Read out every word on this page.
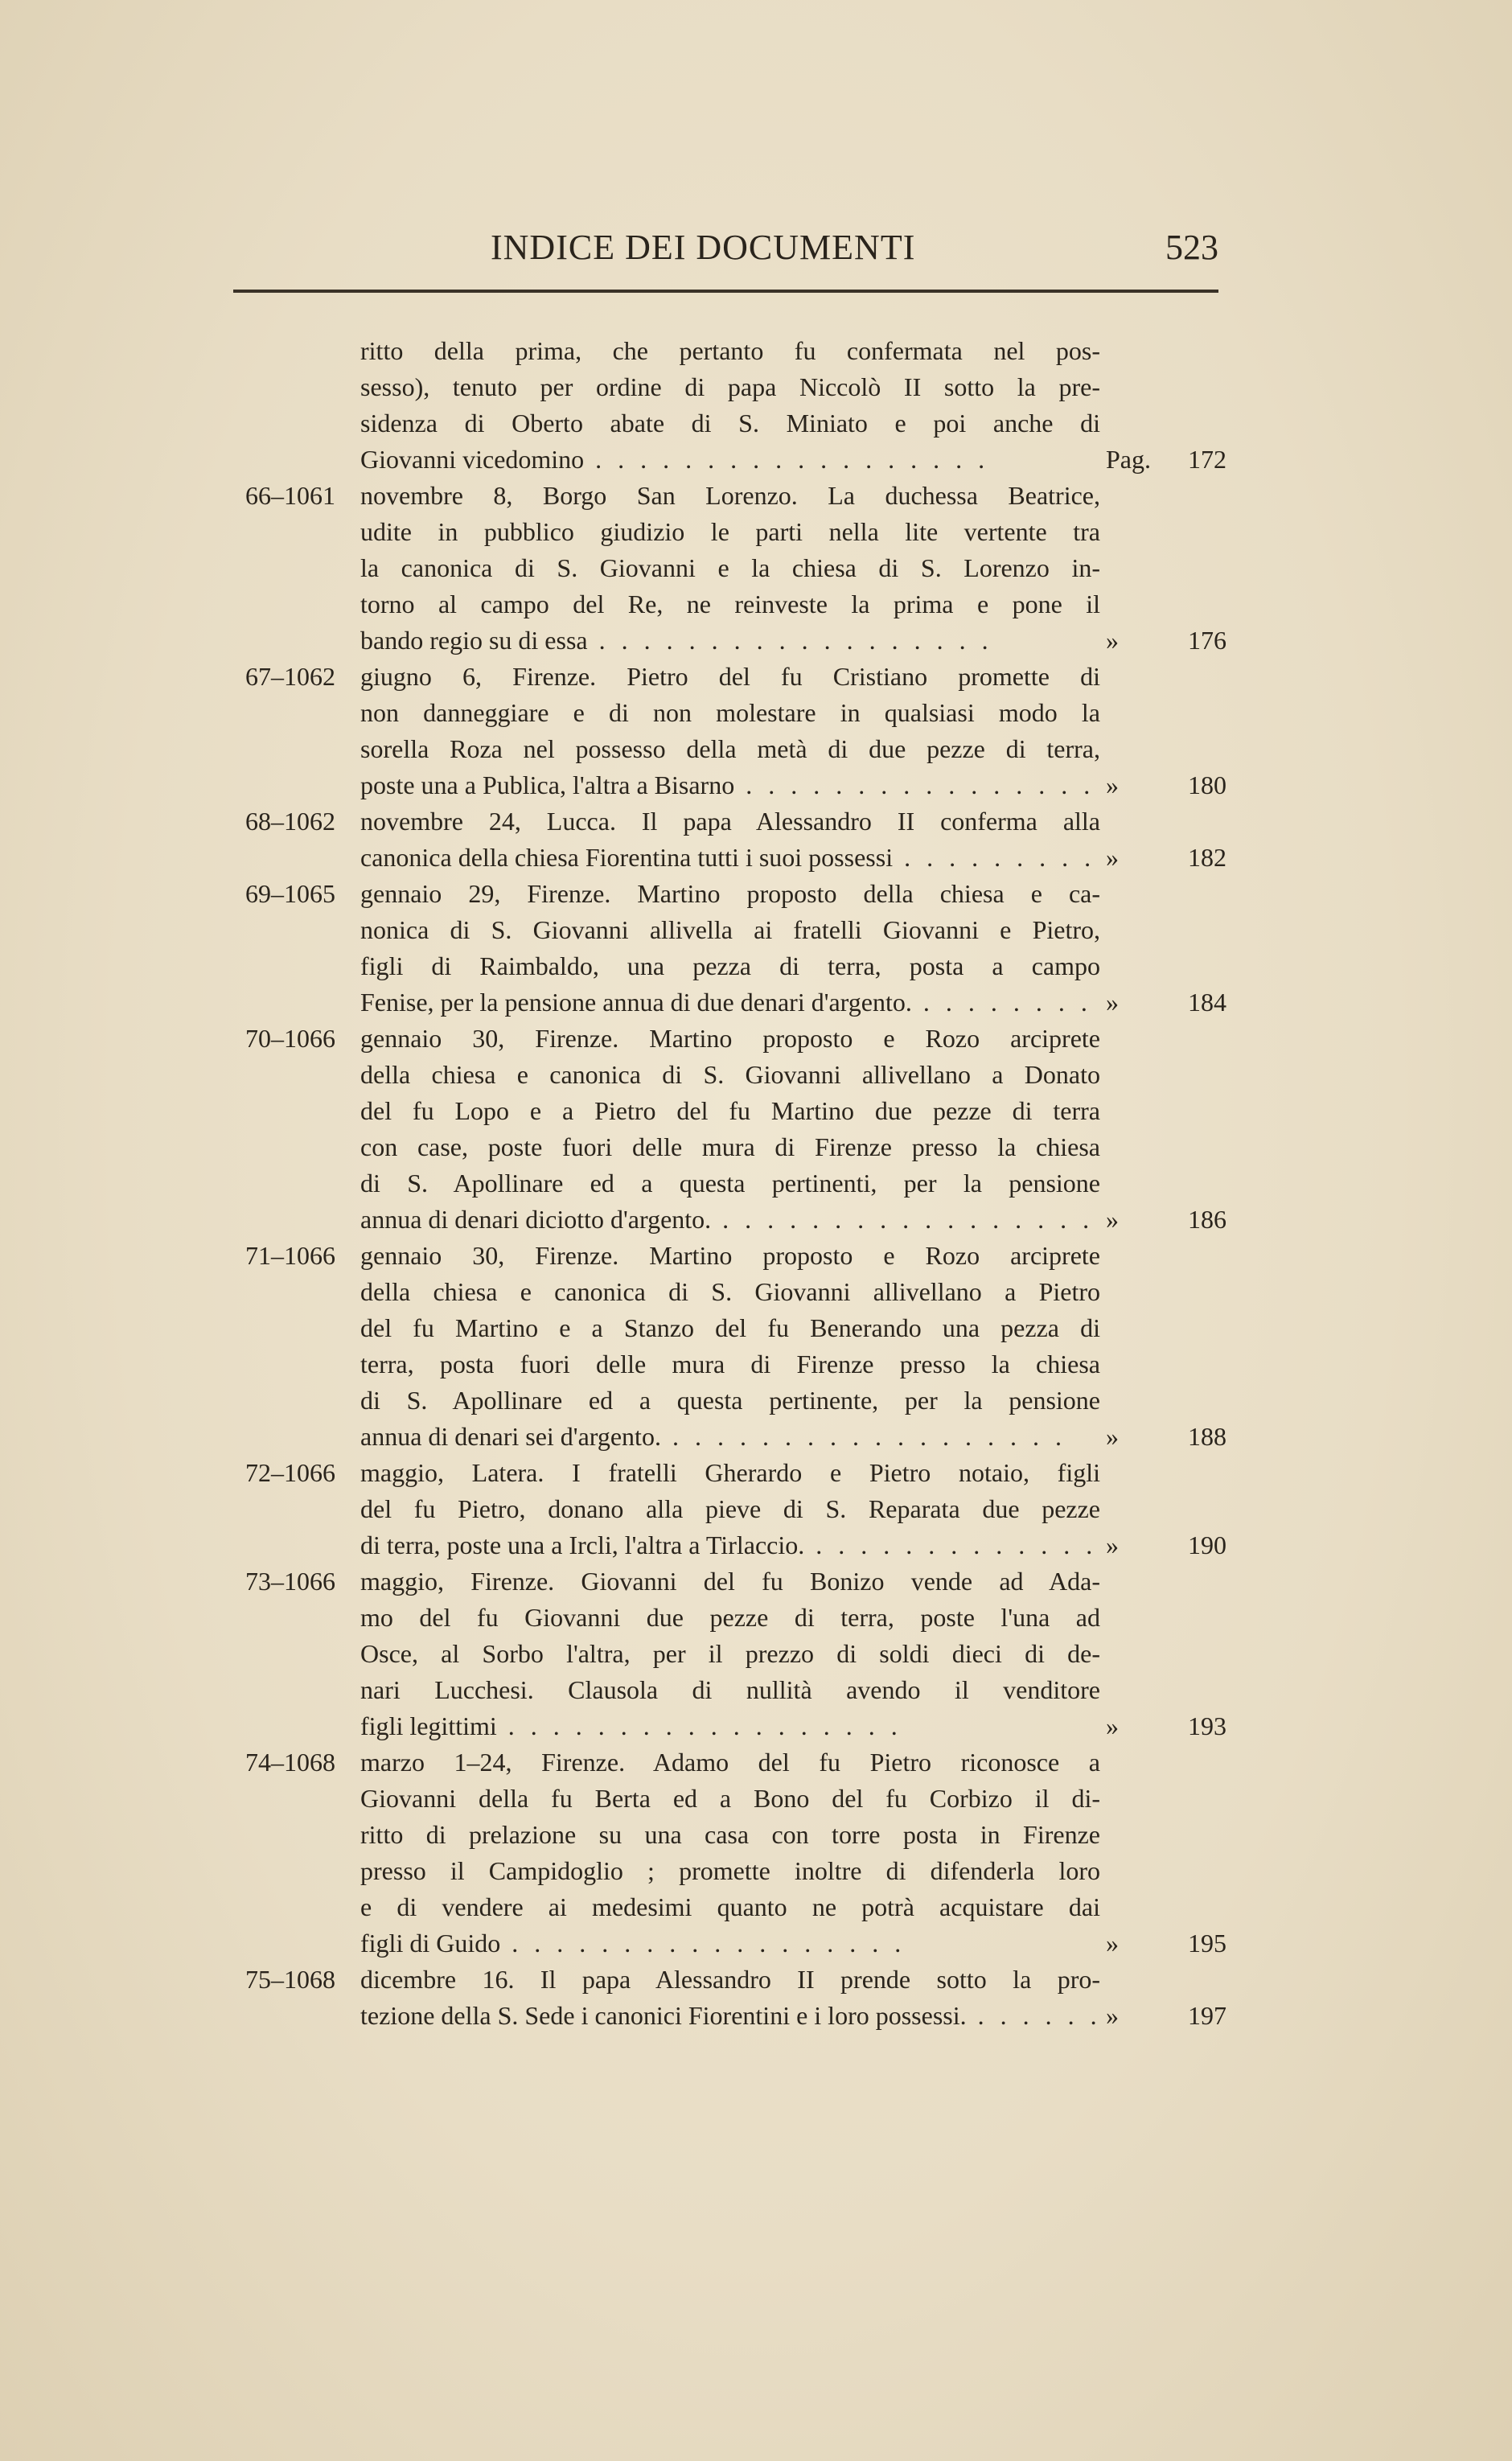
INDICE DEI DOCUMENTI	523
ritto della prima, che pertanto fu confermata nel pos-
sesso), tenuto per ordine di papa Niccolò II sotto la pre-
sidenza di Oberto abate di S. Miniato e poi anche di
Giovanni vicedomino . .	Pag. 172
66–1061 novembre 8, Borgo San Lorenzo. La duchessa Beatrice,
udite in pubblico giudizio le parti nella lite vertente tra
la canonica di S. Giovanni e la chiesa di S. Lorenzo in-
torno al campo del Re, ne reinveste la prima e pone il
bando regio su di essa . .	»	176
67–1062 giugno 6, Firenze. Pietro del fu Cristiano promette di
non danneggiare e di non molestare in qualsiasi modo la
sorella Roza nel possesso della metà di due pezze di terra,
poste una a Publica, l'altra a Bisarno . .	»	180
68–1062 novembre 24, Lucca. Il papa Alessandro II conferma alla
canonica della chiesa Fiorentina tutti i suoi possessi . .	»	182
69–1065 gennaio 29, Firenze. Martino proposto della chiesa e ca-
nonica di S. Giovanni allivella ai fratelli Giovanni e Pietro,
figli di Raimbaldo, una pezza di terra, posta a campo
Fenise, per la pensione annua di due denari d'argento. . .	»	184
70–1066 gennaio 30, Firenze. Martino proposto e Rozo arciprete
della chiesa e canonica di S. Giovanni allivellano a Donato
del fu Lopo e a Pietro del fu Martino due pezze di terra
con case, poste fuori delle mura di Firenze presso la chiesa
di S. Apollinare ed a questa pertinenti, per la pensione
annua di denari diciotto d'argento. . .	»	186
71–1066 gennaio 30, Firenze. Martino proposto e Rozo arciprete
della chiesa e canonica di S. Giovanni allivellano a Pietro
del fu Martino e a Stanzo del fu Benerando una pezza di
terra, posta fuori delle mura di Firenze presso la chiesa
di S. Apollinare ed a questa pertinente, per la pensione
annua di denari sei d'argento. . .	»	188
72–1066 maggio, Latera. I fratelli Gherardo e Pietro notaio, figli
del fu Pietro, donano alla pieve di S. Reparata due pezze
di terra, poste una a Ircli, l'altra a Tirlaccio. . .	»	190
73–1066 maggio, Firenze. Giovanni del fu Bonizo vende ad Ada-
mo del fu Giovanni due pezze di terra, poste l'una ad
Osce, al Sorbo l'altra, per il prezzo di soldi dieci di de-
nari Lucchesi. Clausola di nullità avendo il venditore
figli legittimi . .	»	193
74–1068 marzo 1–24, Firenze. Adamo del fu Pietro riconosce a
Giovanni della fu Berta ed a Bono del fu Corbizo il di-
ritto di prelazione su una casa con torre posta in Firenze
presso il Campidoglio ; promette inoltre di difenderla loro
e di vendere ai medesimi quanto ne potrà acquistare dai
figli di Guido . .	»	195
75–1068 dicembre 16. Il papa Alessandro II prende sotto la pro-
tezione della S. Sede i canonici Fiorentini e i loro possessi. . .	»	197
